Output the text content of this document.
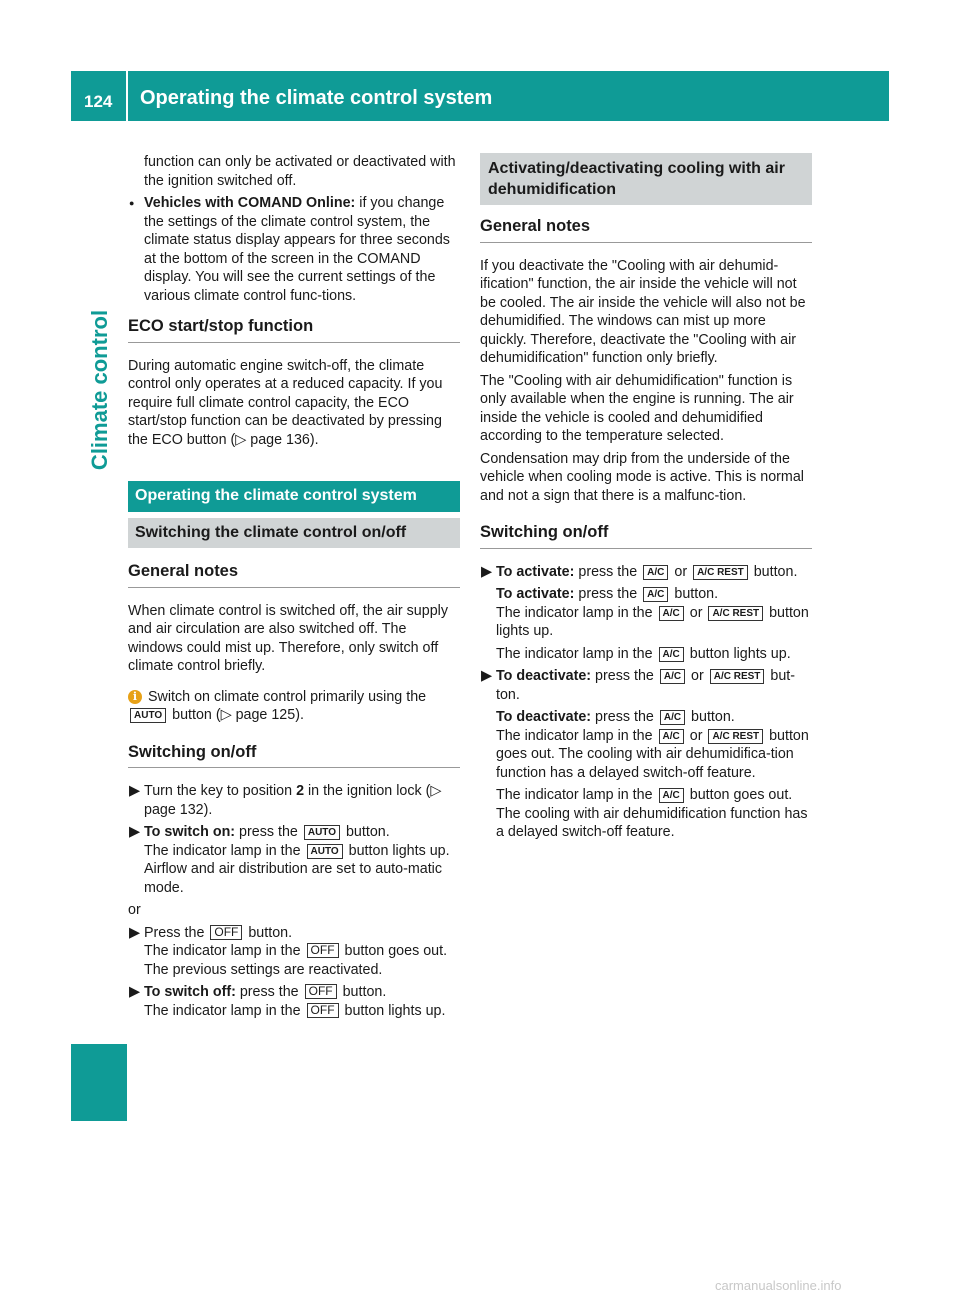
124 Operating the climate control system
Climate control

function can only be activated or deactivated with the ignition switched off.

● Vehicles with COMAND Online: if you change the settings of the climate control system, the climate status display appears for three seconds at the bottom of the screen in the COMAND display. You will see the current settings of the various climate control func-tions.

ECO start/stop function

During automatic engine switch-off, the climate control only operates at a reduced capacity. If you require full climate control capacity, the ECO start/stop function can be deactivated by pressing the ECO button (▷ page 136).

Operating the climate control system
Switching the climate control on/off
General notes

When climate control is switched off, the air supply and air circulation are also switched off. The windows could mist up. Therefore, only switch off climate control briefly.

i Switch on climate control primarily using the AUTO button (▷ page 125).

Switching on/off

▶ Turn the key to position 2 in the ignition lock (▷ page 132).

▶ To switch on: press the AUTO button.
The indicator lamp in the AUTO button lights up. Airflow and air distribution are set to auto-matic mode.

or

▶ Press the OFF button.
The indicator lamp in the OFF button goes out. The previous settings are reactivated.

▶ To switch off: press the OFF button.
The indicator lamp in the OFF button lights up.

Activating/deactivating cooling with air dehumidification
General notes

If you deactivate the "Cooling with air dehumid-ification" function, the air inside the vehicle will not be cooled. The air inside the vehicle will also not be dehumidified. The windows can mist up more quickly. Therefore, deactivate the "Cooling with air dehumidification" function only briefly.

The "Cooling with air dehumidification" function is only available when the engine is running. The air inside the vehicle is cooled and dehumidified according to the temperature selected.

Condensation may drip from the underside of the vehicle when cooling mode is active. This is normal and not a sign that there is a malfunc-tion.

Switching on/off

▶ To activate: press the A/C or A/C REST button.

To activate: press the A/C button.
The indicator lamp in the A/C or A/C REST button lights up.

The indicator lamp in the A/C button lights up.

▶ To deactivate: press the A/C or A/C REST but-ton.

To deactivate: press the A/C button.
The indicator lamp in the A/C or A/C REST button goes out. The cooling with air dehumidifica-tion function has a delayed switch-off feature.

The indicator lamp in the A/C button goes out. The cooling with air dehumidification function has a delayed switch-off feature.

carmanualsonline.info
